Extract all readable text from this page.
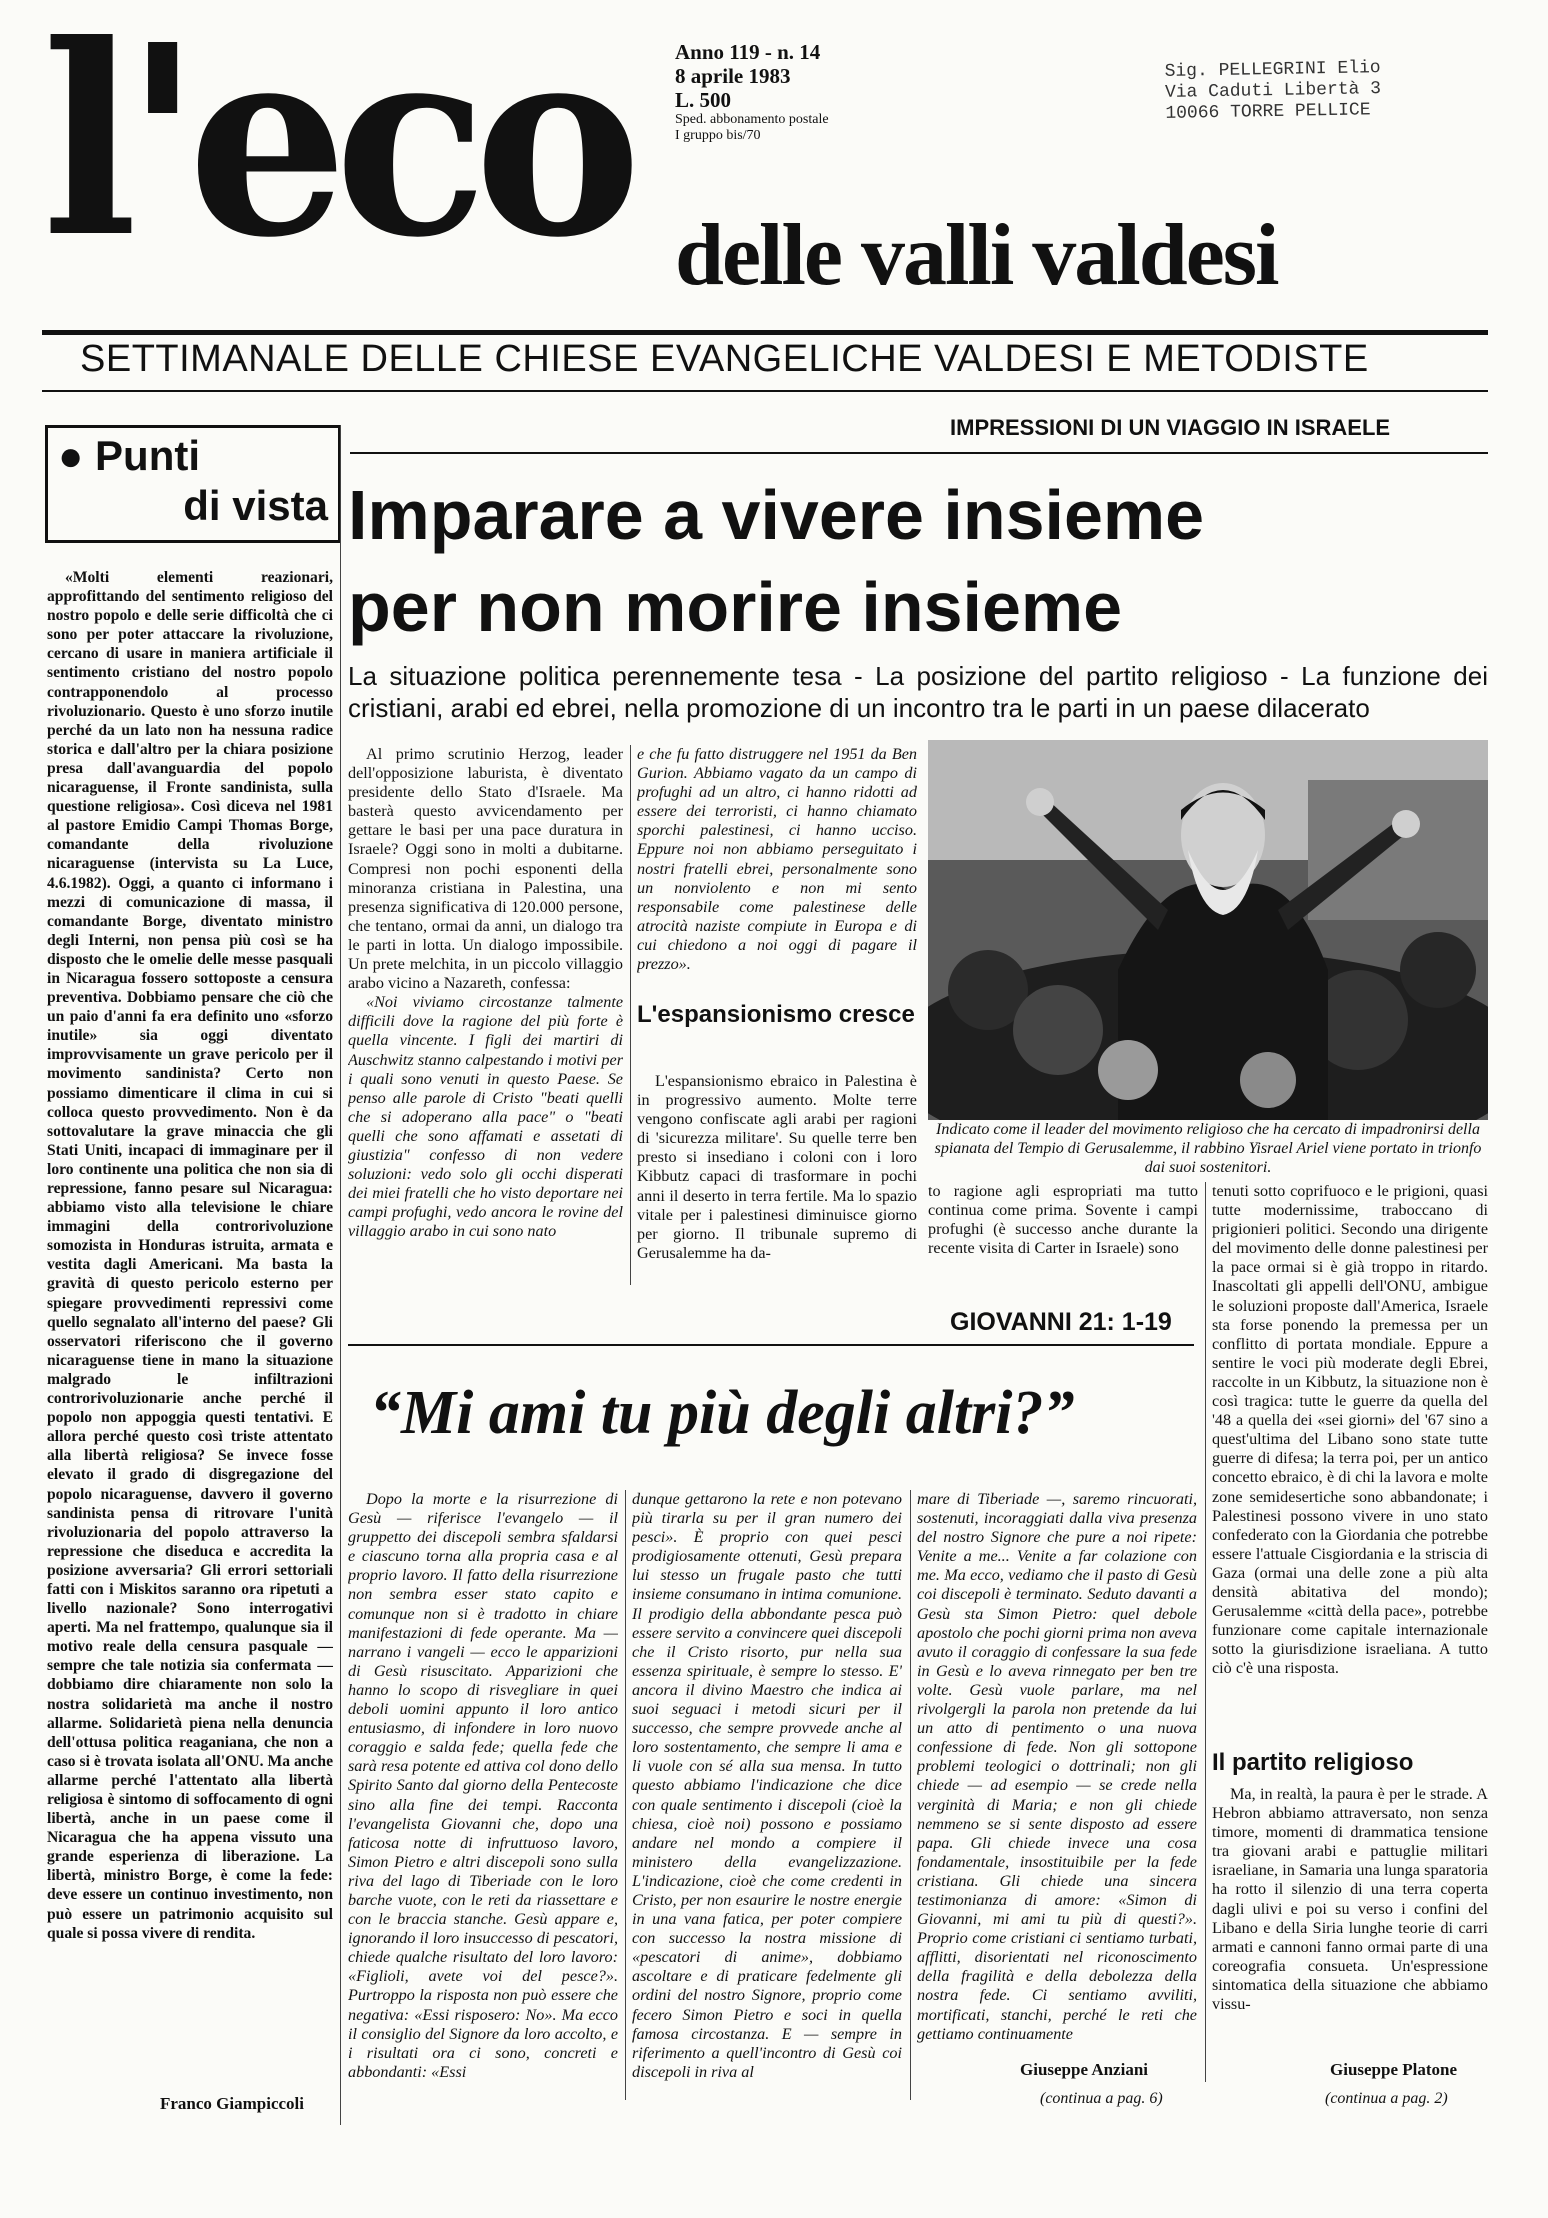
l'eco Anno 119 - n. 14
8 aprile 1983
L. 500
Sped. abbonamento postale
I gruppo bis/70
Sig. PELLEGRINI Elio
Via Caduti Libertà 3
10066 TORRE PELLICE
delle valli valdesi
SETTIMANALE DELLE CHIESE EVANGELICHE VALDESI E METODISTE
● Punti
di vista

«Molti elementi reazionari, approfittando del sentimento religioso del nostro popolo e delle serie difficoltà che ci sono per poter attaccare la rivoluzione, cercano di usare in maniera artificiale il sentimento cristiano del nostro popolo contrapponendolo al processo rivoluzionario. Questo è uno sforzo inutile perché da un lato non ha nessuna radice storica e dall'altro per la chiara posizione presa dall'avanguardia del popolo nicaraguense, il Fronte sandinista, sulla questione religiosa». Così diceva nel 1981 al pastore Emidio Campi Thomas Borge, comandante della rivoluzione nicaraguense (intervista su La Luce, 4.6.1982). Oggi, a quanto ci informano i mezzi di comunicazione di massa, il comandante Borge, diventato ministro degli Interni, non pensa più così se ha disposto che le omelie delle messe pasquali in Nicaragua fossero sottoposte a censura preventiva. Dobbiamo pensare che ciò che un paio d'anni fa era definito uno «sforzo inutile» sia oggi diventato improvvisamente un grave pericolo per il movimento sandinista? Certo non possiamo dimenticare il clima in cui si colloca questo provvedimento. Non è da sottovalutare la grave minaccia che gli Stati Uniti, incapaci di immaginare per il loro continente una politica che non sia di repressione, fanno pesare sul Nicaragua: abbiamo visto alla televisione le chiare immagini della controrivoluzione somozista in Honduras istruita, armata e vestita dagli Americani. Ma basta la gravità di questo pericolo esterno per spiegare provvedimenti repressivi come quello segnalato all'interno del paese? Gli osservatori riferiscono che il governo nicaraguense tiene in mano la situazione malgrado le infiltrazioni controrivoluzionarie anche perché il popolo non appoggia questi tentativi. E allora perché questo così triste attentato alla libertà religiosa? Se invece fosse elevato il grado di disgregazione del popolo nicaraguense, davvero il governo sandinista pensa di ritrovare l'unità rivoluzionaria del popolo attraverso la repressione che diseduca e accredita la posizione avversaria? Gli errori settoriali fatti con i Miskitos saranno ora ripetuti a livello nazionale? Sono interrogativi aperti. Ma nel frattempo, qualunque sia il motivo reale della censura pasquale — sempre che tale notizia sia confermata — dobbiamo dire chiaramente non solo la nostra solidarietà ma anche il nostro allarme. Solidarietà piena nella denuncia dell'ottusa politica reaganiana, che non a caso si è trovata isolata all'ONU. Ma anche allarme perché l'attentato alla libertà religiosa è sintomo di soffocamento di ogni libertà, anche in un paese come il Nicaragua che ha appena vissuto una grande esperienza di liberazione. La libertà, ministro Borge, è come la fede: deve essere un continuo investimento, non può essere un patrimonio acquisito sul quale si possa vivere di rendita.

Franco Giampiccoli
IMPRESSIONI DI UN VIAGGIO IN ISRAELE
Imparare a vivere insieme
per non morire insieme
La situazione politica perennemente tesa - La posizione del partito religioso - La funzione dei cristiani, arabi ed ebrei, nella promozione di un incontro tra le parti in un paese dilacerato

Al primo scrutinio Herzog, leader dell'opposizione laburista, è diventato presidente dello Stato d'Israele. Ma basterà questo avvicendamento per gettare le basi per una pace duratura in Israele? Oggi sono in molti a dubitarne. Compresi non pochi esponenti della minoranza cristiana in Palestina, una presenza significativa di 120.000 persone, che tentano, ormai da anni, un dialogo tra le parti in lotta. Un dialogo impossibile. Un prete melchita, in un piccolo villaggio arabo vicino a Nazareth, confessa:

«Noi viviamo circostanze talmente difficili dove la ragione del più forte è quella vincente. I figli dei martiri di Auschwitz stanno calpestando i motivi per i quali sono venuti in questo Paese. Se penso alle parole di Cristo "beati quelli che si adoperano alla pace" o "beati quelli che sono affamati e assetati di giustizia" confesso di non vedere soluzioni: vedo solo gli occhi disperati dei miei fratelli che ho visto deportare nei campi profughi, vedo ancora le rovine del villaggio arabo in cui sono nato

e che fu fatto distruggere nel 1951 da Ben Gurion. Abbiamo vagato da un campo di profughi ad un altro, ci hanno ridotti ad essere dei terroristi, ci hanno chiamato sporchi palestinesi, ci hanno ucciso. Eppure noi non abbiamo perseguitato i nostri fratelli ebrei, personalmente sono un nonviolento e non mi sento responsabile come palestinese delle atrocità naziste compiute in Europa e di cui chiedono a noi oggi di pagare il prezzo».

L'espansionismo cresce

L'espansionismo ebraico in Palestina è in progressivo aumento. Molte terre vengono confiscate agli arabi per ragioni di 'sicurezza militare'. Su quelle terre ben presto si insediano i coloni con i loro Kibbutz capaci di trasformare in pochi anni il deserto in terra fertile. Ma lo spazio vitale per i palestinesi diminuisce giorno per giorno. Il tribunale supremo di Gerusalemme ha da-

Indicato come il leader del movimento religioso che ha cercato di impadronirsi della spianata del Tempio di Gerusalemme, il rabbino Yisrael Ariel viene portato in trionfo dai suoi sostenitori.

to ragione agli espropriati ma tutto continua come prima. Sovente i campi profughi (è successo anche durante la recente visita di Carter in Israele) sono

tenuti sotto coprifuoco e le prigioni, quasi tutte modernissime, traboccano di prigionieri politici. Secondo una dirigente del movimento delle donne palestinesi per la pace ormai si è già troppo in ritardo. Inascoltati gli appelli dell'ONU, ambigue le soluzioni proposte dall'America, Israele sta forse ponendo la premessa per un conflitto di portata mondiale. Eppure a sentire le voci più moderate degli Ebrei, raccolte in un Kibbutz, la situazione non è così tragica: tutte le guerre da quella del '48 a quella dei «sei giorni» del '67 sino a quest'ultima del Libano sono state tutte guerre di difesa; la terra poi, per un antico concetto ebraico, è di chi la lavora e molte zone semidesertiche sono abbandonate; i Palestinesi possono vivere in uno stato confederato con la Giordania che potrebbe essere l'attuale Cisgiordania e la striscia di Gaza (ormai una delle zone a più alta densità abitativa del mondo); Gerusalemme «città della pace», potrebbe funzionare come capitale internazionale sotto la giurisdizione israeliana. A tutto ciò c'è una risposta.

Il partito religioso

Ma, in realtà, la paura è per le strade. A Hebron abbiamo attraversato, non senza timore, momenti di drammatica tensione tra giovani arabi e pattuglie militari israeliane, in Samaria una lunga sparatoria ha rotto il silenzio di una terra coperta dagli ulivi e poi su verso i confini del Libano e della Siria lunghe teorie di carri armati e cannoni fanno ormai parte di una coreografia consueta. Un'espressione sintomatica della situazione che abbiamo vissu-

Giuseppe Platone
(continua a pag. 2)
GIOVANNI 21: 1-19
“Mi ami tu più degli altri?”

Dopo la morte e la risurrezione di Gesù — riferisce l'evangelo — il gruppetto dei discepoli sembra sfaldarsi e ciascuno torna alla propria casa e al proprio lavoro. Il fatto della risurrezione non sembra esser stato capito e comunque non si è tradotto in chiare manifestazioni di fede operante. Ma — narrano i vangeli — ecco le apparizioni di Gesù risuscitato. Apparizioni che hanno lo scopo di risvegliare in quei deboli uomini appunto il loro antico entusiasmo, di infondere in loro nuovo coraggio e salda fede; quella fede che sarà resa potente ed attiva col dono dello Spirito Santo dal giorno della Pentecoste sino alla fine dei tempi. Racconta l'evangelista Giovanni che, dopo una faticosa notte di infruttuoso lavoro, Simon Pietro e altri discepoli sono sulla riva del lago di Tiberiade con le loro barche vuote, con le reti da riassettare e con le braccia stanche. Gesù appare e, ignorando il loro insuccesso di pescatori, chiede qualche risultato del loro lavoro: «Figlioli, avete voi del pesce?». Purtroppo la risposta non può essere che negativa: «Essi risposero: No». Ma ecco il consiglio del Signore da loro accolto, e i risultati ora ci sono, concreti e abbondanti: «Essi

dunque gettarono la rete e non potevano più tirarla su per il gran numero dei pesci». È proprio con quei pesci prodigiosamente ottenuti, Gesù prepara lui stesso un frugale pasto che tutti insieme consumano in intima comunione. Il prodigio della abbondante pesca può essere servito a convincere quei discepoli che il Cristo risorto, pur nella sua essenza spirituale, è sempre lo stesso. E' ancora il divino Maestro che indica ai suoi seguaci i metodi sicuri per il successo, che sempre provvede anche al loro sostentamento, che sempre li ama e li vuole con sé alla sua mensa. In tutto questo abbiamo l'indicazione che dice con quale sentimento i discepoli (cioè la chiesa, cioè noi) possono e possiamo andare nel mondo a compiere il ministero della evangelizzazione. L'indicazione, cioè che come credenti in Cristo, per non esaurire le nostre energie in una vana fatica, per poter compiere con successo la nostra missione di «pescatori di anime», dobbiamo ascoltare e di praticare fedelmente gli ordini del nostro Signore, proprio come fecero Simon Pietro e soci in quella famosa circostanza. E — sempre in riferimento a quell'incontro di Gesù coi discepoli in riva al

mare di Tiberiade —, saremo rincuorati, sostenuti, incoraggiati dalla viva presenza del nostro Signore che pure a noi ripete: Venite a me... Venite a far colazione con me. Ma ecco, vediamo che il pasto di Gesù coi discepoli è terminato. Seduto davanti a Gesù sta Simon Pietro: quel debole apostolo che pochi giorni prima non aveva avuto il coraggio di confessare la sua fede in Gesù e lo aveva rinnegato per ben tre volte. Gesù vuole parlare, ma nel rivolgergli la parola non pretende da lui un atto di pentimento o una nuova confessione di fede. Non gli sottopone problemi teologici o dottrinali; non gli chiede — ad esempio — se crede nella verginità di Maria; e non gli chiede nemmeno se si sente disposto ad essere papa. Gli chiede invece una cosa fondamentale, insostituibile per la fede cristiana. Gli chiede una sincera testimonianza di amore: «Simon di Giovanni, mi ami tu più di questi?». Proprio come cristiani ci sentiamo turbati, afflitti, disorientati nel riconoscimento della fragilità e della debolezza della nostra fede. Ci sentiamo avviliti, mortificati, stanchi, perché le reti che gettiamo continuamente

Giuseppe Anziani
(continua a pag. 6)
